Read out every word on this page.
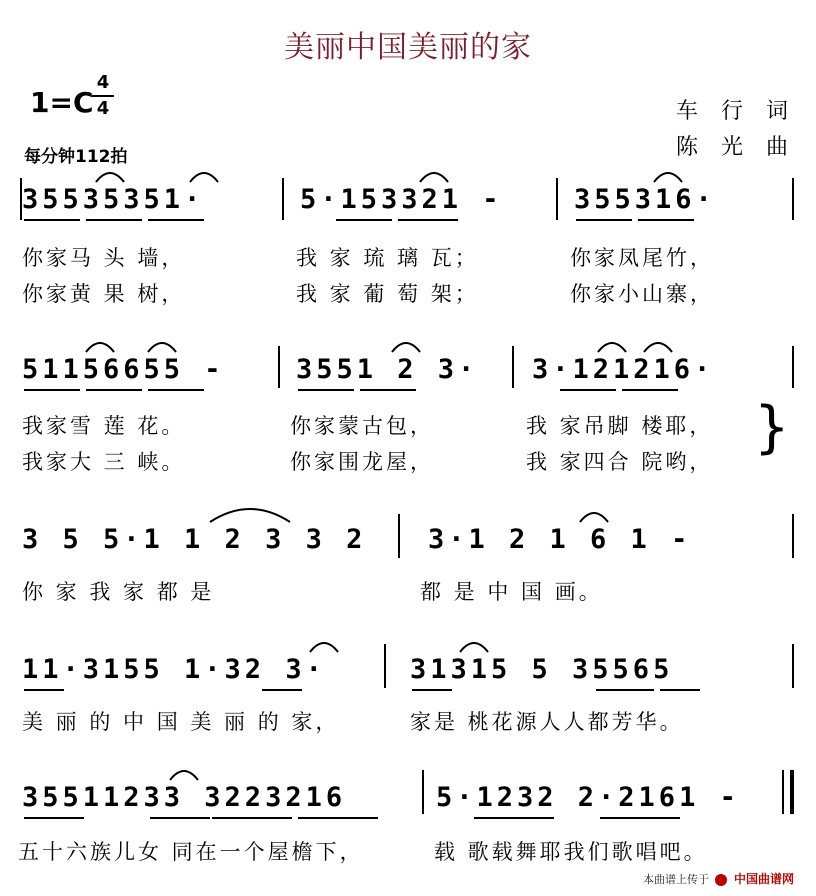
美丽中国美丽的家
1=C
4
4
每分钟112拍
车 行 词
陈 光 曲
35535351·	5·153321 -	355316·
你家马 头 墙，	我 家 琉 璃 瓦；	你家凤尾竹，
你家黄 果 树，	我 家 葡 萄 架；	你家小山寨，
51156655 -	3551 2 3· 3·121216·
我家雪 莲 花。	你家蒙古包，	我 家吊脚 楼耶，
我家大 三 峡。	你家围龙屋，	我 家四合 院哟，
}
3 5 5·1 1 2 3 3 2 3·1 2 1 6 1 -
你 家 我 家 都 是	都 是 中 国 画。
11·3155 1·32 3·	31315 5 35565
美 丽 的 中 国 美 丽 的 家，	家是 桃花源人人都芳华。
35511233 3223216	5·1232 2·2161 -
五十六族儿女 同在一个屋檐下，	载 歌载舞耶我们歌唱吧。
本曲谱上传于 中国曲谱网
